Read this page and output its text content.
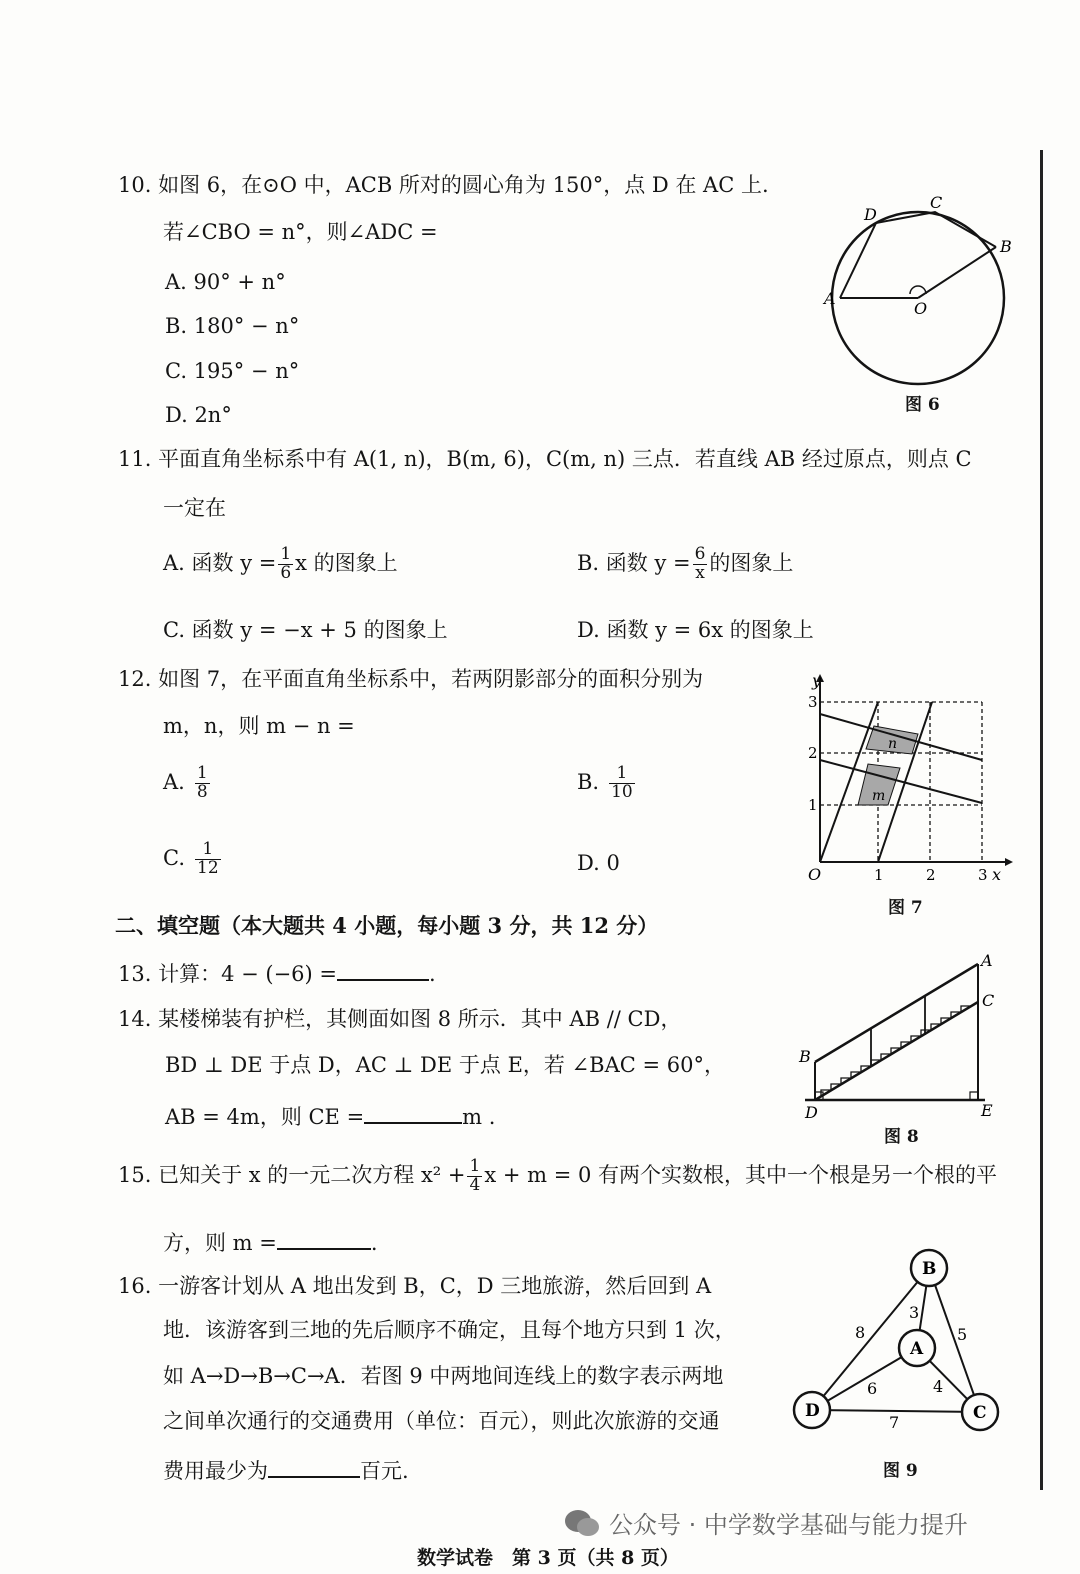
10. 如图 6，在⊙O 中，ACB 所对的圆心角为 150°，点 D 在 AC 上.
若∠CBO = n°，则∠ADC =
A. 90° + n°
B. 180° − n°
C. 195° − n°
D. 2n°
A
B
C
D
O
图 6
11. 平面直角坐标系中有 A(1, n)，B(m, 6)，C(m, n) 三点．若直线 AB 经过原点，则点 C
一定在
A. 函数 $y = \frac{1}{6}$ x 的图象上	B. 函数 $y = \frac{6}{x}$ 的图象上
C. 函数 y = −x + 5 的图象上	D. 函数 y = 6x 的图象上
12. 如图 7，在平面直角坐标系中，若两阴影部分的面积分别为
m，n，则 m − n =
A. $\frac{1}{8}$	B. $\frac{1}{10}$
C. $\frac{1}{12}$	D. 0
y
x
O	1	2	3
1
2
3
m
n
图 7
二、填空题（本大题共 4 小题，每小题 3 分，共 12 分）
13. 计算：4 − (−6) =	.
14. 某楼梯装有护栏，其侧面如图 8 所示．其中 AB // CD，
BD ⊥ DE 于点 D，AC ⊥ DE 于点 E，若 ∠BAC = 60°，
AB = 4m，则 CE =	m .
A
B
C
D	E
图 8
15. 已知关于 x 的一元二次方程 $x^2 + \frac{1}{4}$ x + m = 0 有两个实数根，其中一个根是另一个根的平
方，则 m =	.
16. 一游客计划从 A 地出发到 B，C，D 三地旅游，然后回到 A
地．该游客到三地的先后顺序不确定，且每个地方只到 1 次，
如 A→D→B→C→A．若图 9 中两地间连线上的数字表示两地
之间单次通行的交通费用（单位：百元），则此次旅游的交通
费用最少为	百元.
B
A
D	C
3
8	5
6	4
7
图 9
公众号 · 中学数学基础与能力提升
数学试卷　第 3 页（共 8 页）
